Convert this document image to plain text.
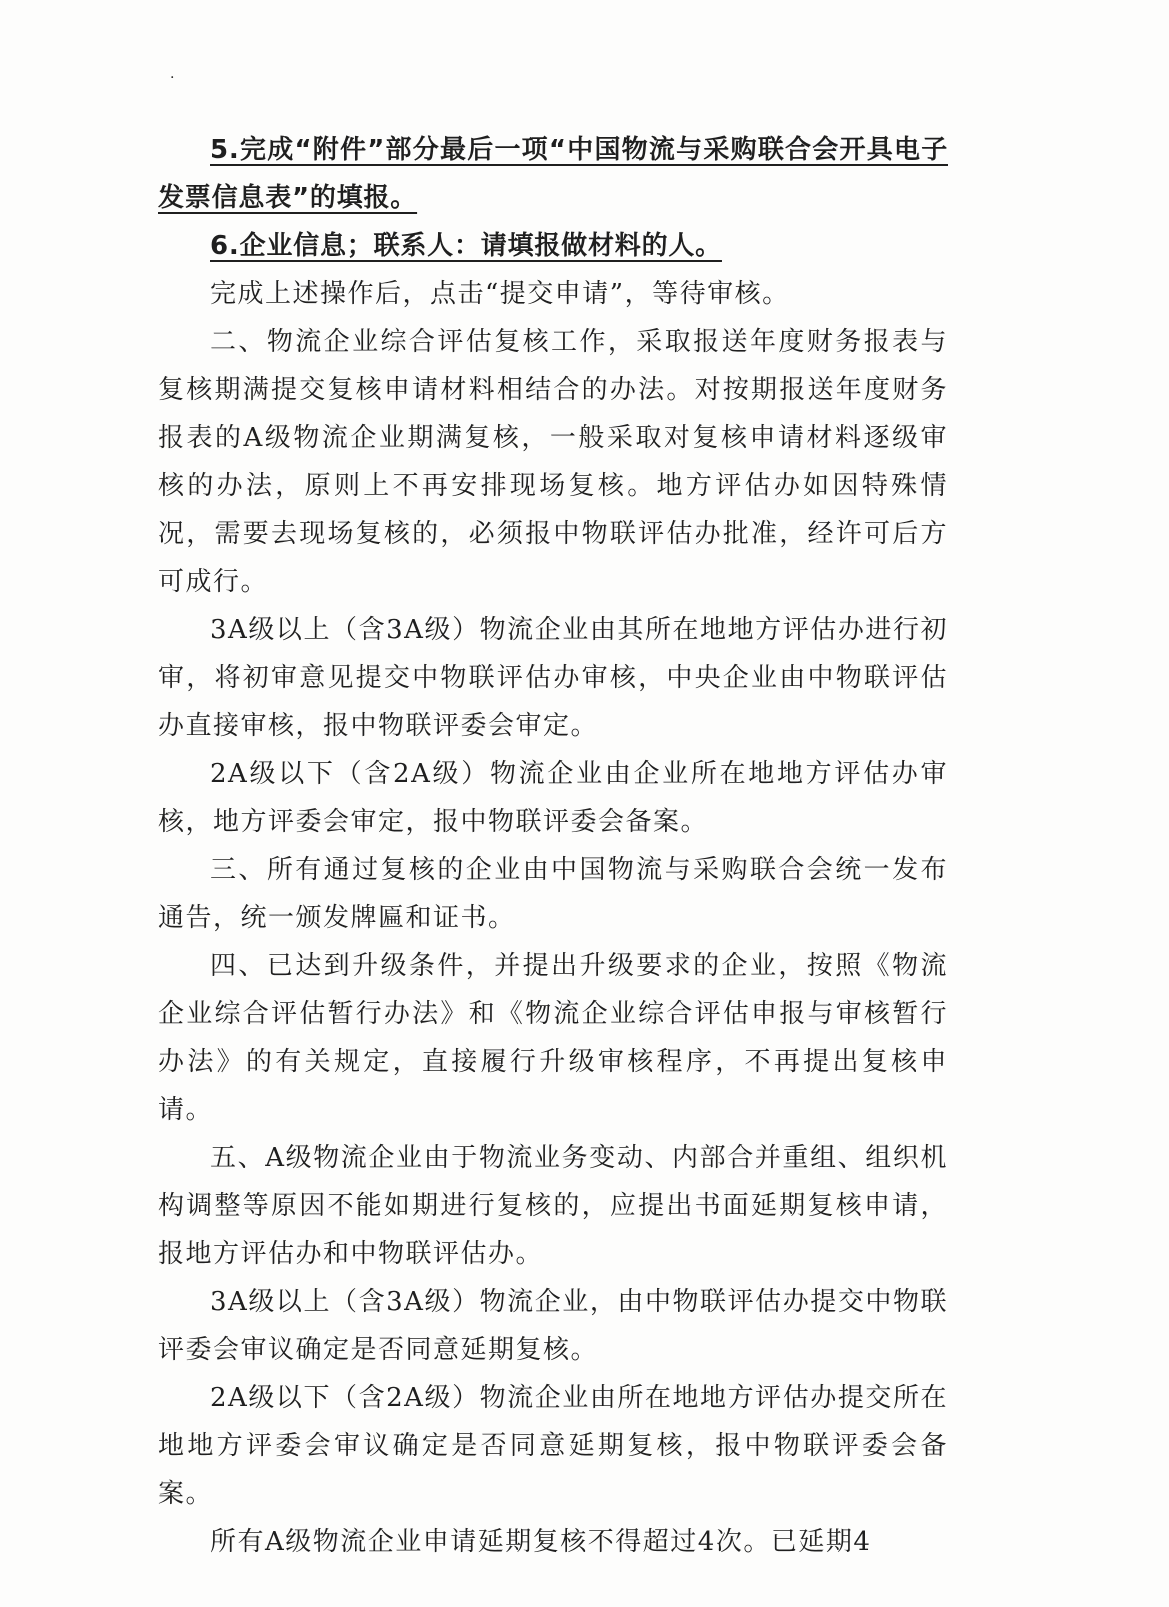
.

5.完成“附件”部分最后一项“中国物流与采购联合会开具电子发票信息表”的填报。

6.企业信息；联系人：请填报做材料的人。

完成上述操作后，点击“提交申请”，等待审核。

二、物流企业综合评估复核工作，采取报送年度财务报表与复核期满提交复核申请材料相结合的办法。对按期报送年度财务报表的A级物流企业期满复核，一般采取对复核申请材料逐级审核的办法，原则上不再安排现场复核。地方评估办如因特殊情况，需要去现场复核的，必须报中物联评估办批准，经许可后方可成行。

3A级以上（含3A级）物流企业由其所在地地方评估办进行初审，将初审意见提交中物联评估办审核，中央企业由中物联评估办直接审核，报中物联评委会审定。

2A级以下（含2A级）物流企业由企业所在地地方评估办审核，地方评委会审定，报中物联评委会备案。

三、所有通过复核的企业由中国物流与采购联合会统一发布通告，统一颁发牌匾和证书。

四、已达到升级条件，并提出升级要求的企业，按照《物流企业综合评估暂行办法》和《物流企业综合评估申报与审核暂行办法》的有关规定，直接履行升级审核程序，不再提出复核申请。

五、A级物流企业由于物流业务变动、内部合并重组、组织机构调整等原因不能如期进行复核的，应提出书面延期复核申请，报地方评估办和中物联评估办。

3A级以上（含3A级）物流企业，由中物联评估办提交中物联评委会审议确定是否同意延期复核。

2A级以下（含2A级）物流企业由所在地地方评估办提交所在地地方评委会审议确定是否同意延期复核，报中物联评委会备案。

所有A级物流企业申请延期复核不得超过4次。已延期4
